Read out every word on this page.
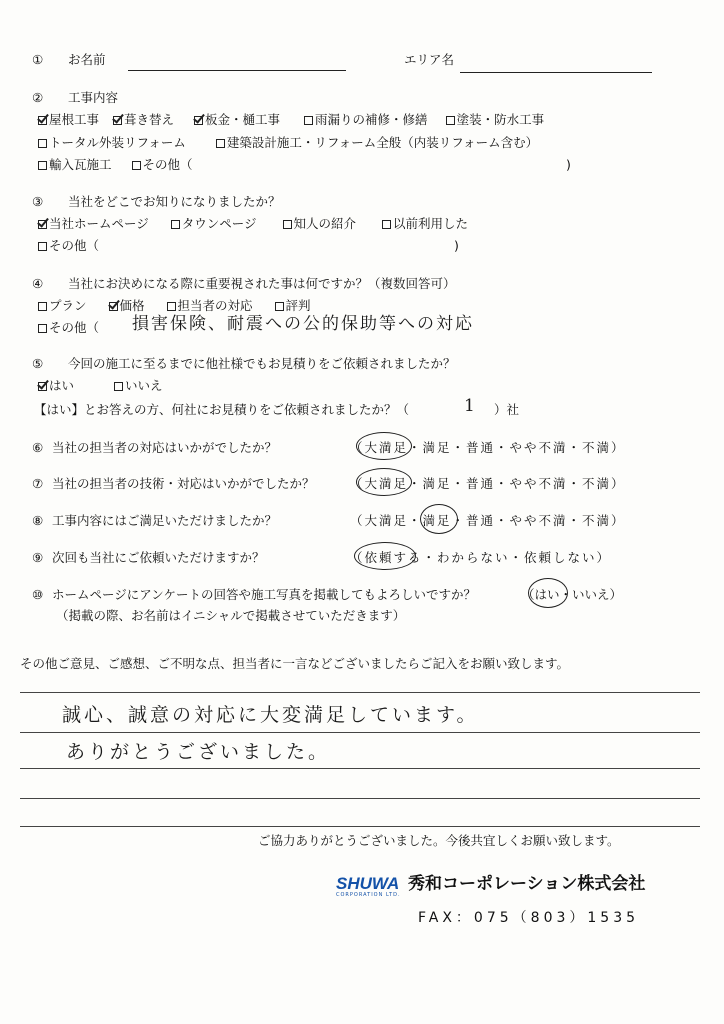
① お名前	エリア名
② 工事内容
屋根工事 葺き替え 板金・樋工事	雨漏りの補修・修繕 塗装・防水工事
トータル外装リフォーム	建築設計施工・リフォーム全般（内装リフォーム含む）
輸入瓦施工 その他（	)
③ 当社をどこでお知りになりましたか？
当社ホームページ	タウンページ	知人の紹介	以前利用した
その他（	)
④ 当社にお決めになる際に重要視された事は何ですか？（複数回答可）
プラン	価格	担当者の対応	評判
その他（ 損害保険、耐震への公的保助等への対応
⑤ 今回の施工に至るまでに他社様でもお見積りをご依頼されましたか？
はい	いいえ
【はい】とお答えの方、何社にお見積りをご依頼されましたか？（	1 ）社
⑥ 当社の担当者の対応はいかがでしたか？	（大満足・満足・普通・やや不満・不満）
⑦ 当社の担当者の技術・対応はいかがでしたか？	（大満足・満足・普通・やや不満・不満）
⑧ 工事内容にはご満足いただけましたか？	（大満足・満足・普通・やや不満・不満）
⑨ 次回も当社にご依頼いただけますか？	（依頼する・わからない・依頼しない）
⑩ ホームページにアンケートの回答や施工写真を掲載してもよろしいですか？	（はい・いいえ）
（掲載の際、お名前はイニシャルで掲載させていただきます）
その他ご意見、ご感想、ご不明な点、担当者に一言などございましたらご記入をお願い致します。
誠心、誠意の対応に大変満足しています。
ありがとうございました。
ご協力ありがとうございました。今後共宜しくお願い致します。
SHUWA
CORPORATION LTD.
秀和コーポレーション株式会社
FAX：075（803）1535
